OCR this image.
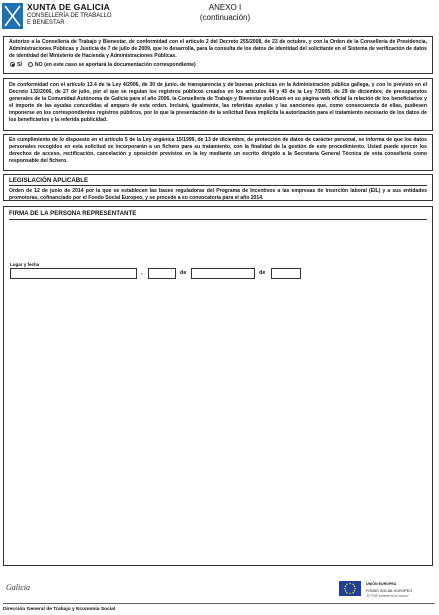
XUNTA DE GALICIA
CONSELLERÍA DE TRABALLO
E BENESTAR
ANEXO I
(continuación)
Autorizo a la Consellería de Trabajo y Bienestar, de conformidad con el artículo 2 del Decreto 255/2008, de 23 de octubre, y con la Orden de la Consellería de Presidencia, Administraciones Públicas y Justicia de 7 de julio de 2009, que lo desarrolla, para la consulta de los datos de identidad del solicitante en el Sistema de verificación de datos de identidad del Ministerio de Hacienda y Administraciones Públicas.
SÍ	NO (en este caso se aportará la documentación correspondiente)
De conformidad con el artículo 13.4 de la Ley 4/2006, de 30 de junio, de transparencia y de buenas prácticas en la Administración pública gallega, y con lo previsto en el Decreto 132/2006, de 27 de julio, por el que se regulan los registros públicos creados en los artículos 44 y 45 de la Ley 7/2005, de 29 de diciembre, de presupuestos generales de la Comunidad Autónoma de Galicia para el año 2006, la Consellería de Trabajo y Bienestar publicará en su página web oficial la relación de los beneficiarios y el importe de las ayudas concedidas al amparo de esta orden. Incluirá, igualmente, las referidas ayudas y las sanciones que, como consecuencia de ellas, pudiesen imponerse en los correspondientes registros públicos, por lo que la presentación de la solicitud lleva implícita la autorización para el tratamiento necesario de los datos de los beneficiarios y la referida publicidad.
En cumplimiento de lo dispuesto en el artículo 5 de la Ley orgánica 15/1999, de 13 de diciembre, de protección de datos de carácter personal, se informa de que los datos personales recogidos en esta solicitud se incorporarán a un fichero para su tratamiento, con la finalidad de la gestión de este procedimiento. Usted puede ejercer los derechos de acceso, rectificación, cancelación y oposición previstos en la ley mediante un escrito dirigido a la Secretaría General Técnica de esta consellería como responsable del fichero.
LEGISLACIÓN APLICABLE
Orden de 12 de junio de 2014 por la que se establecen las bases reguladoras del Programa de Incentivos a las empresas de Inserción laboral (EIL) y a sus entidades promotoras, cofinanciado por el Fondo Social Europeo, y se procede a su convocatoria para el año 2014.
FIRMA DE LA PERSONA REPRESENTANTE
Lugar y fecha
,	de	de
Galicia	UNIÓN EUROPEA
FONDO SOCIAL EUROPEO
"El FSE invierte en tu futuro"
Dirección General de Trabajo y Economía Social
